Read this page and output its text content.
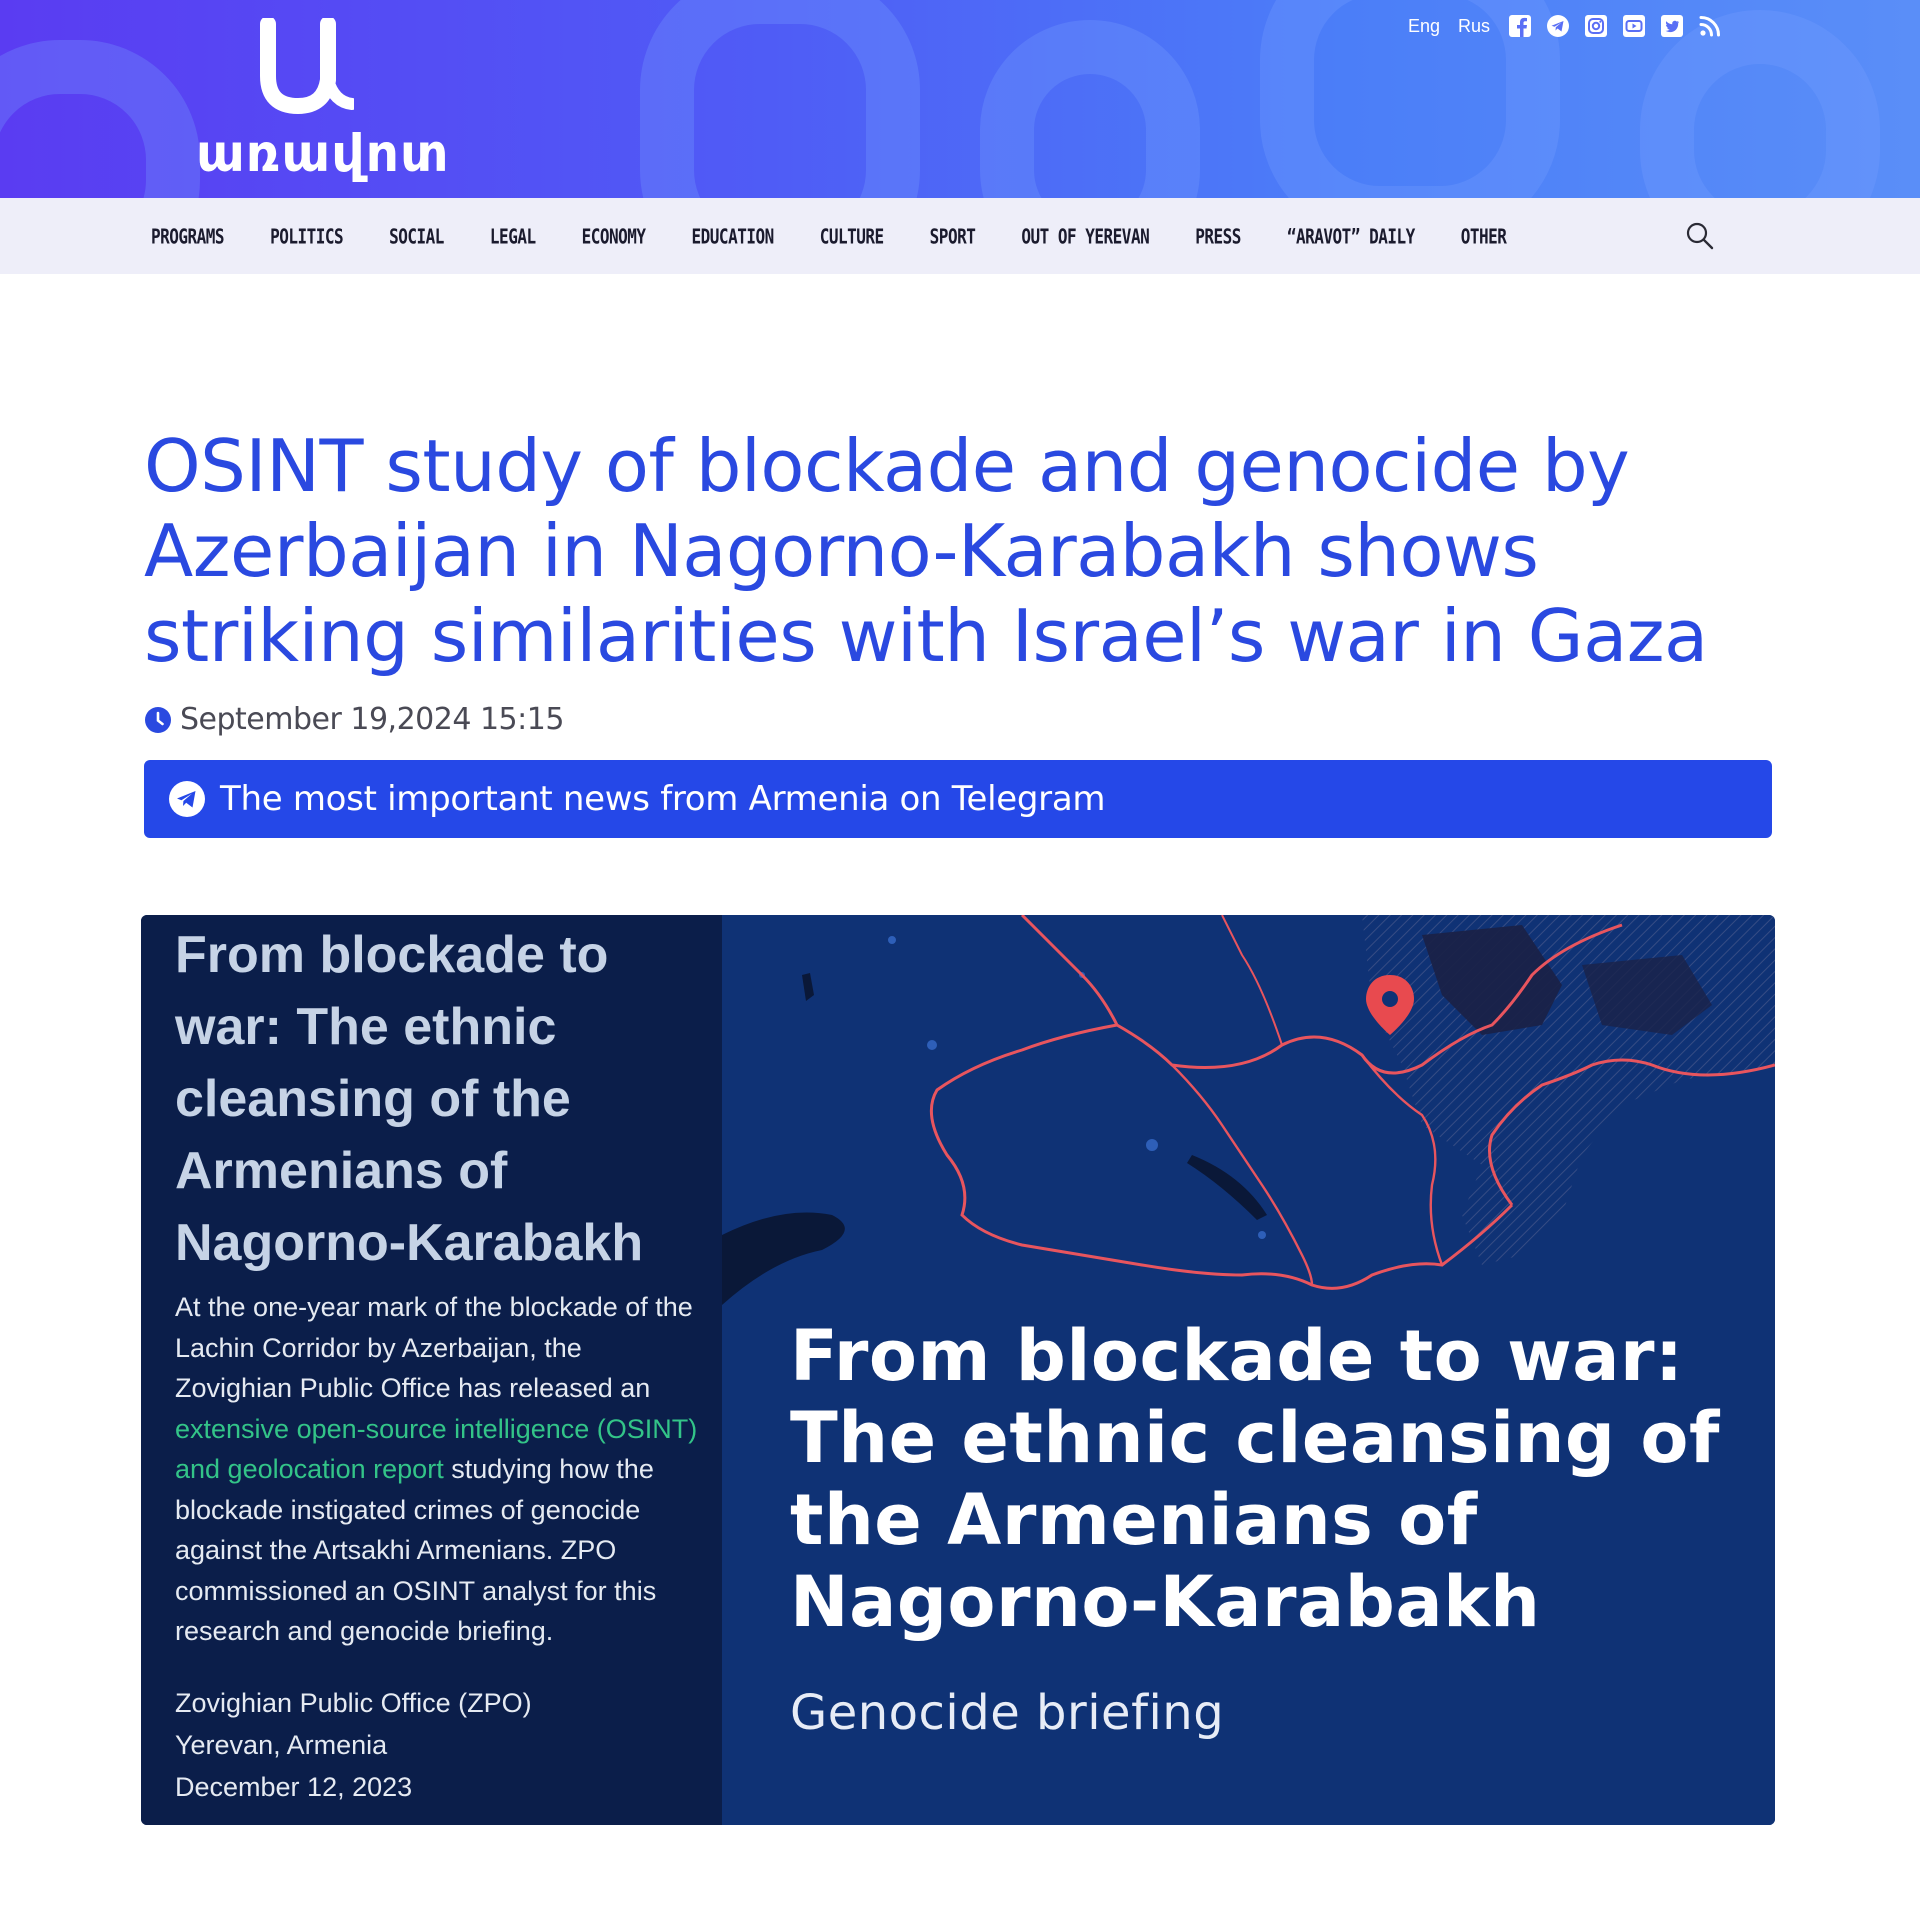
առավոտ
Eng Rus
PROGRAMS	POLITICS	SOCIAL	LEGAL	ECONOMY	EDUCATION	CULTURE	SPORT	OUT OF YEREVAN	PRESS	“ARAVOT” DAILY	OTHER
OSINT study of blockade and genocide by Azerbaijan in Nagorno-Karabakh shows striking similarities with Israel’s war in Gaza
September 19,2024 15:15
The most important news from Armenia on Telegram
From blockade to war: The ethnic cleansing of the Armenians of Nagorno-Karabakh
At the one-year mark of the blockade of the Lachin Corridor by Azerbaijan, the Zovighian Public Office has released an extensive open-source intelligence (OSINT) and geolocation report studying how the blockade instigated crimes of genocide against the Artsakhi Armenians. ZPO commissioned an OSINT analyst for this research and genocide briefing.
Zovighian Public Office (ZPO)
Yerevan, Armenia
December 12, 2023
From blockade to war: The ethnic cleansing of the Armenians of Nagorno-Karabakh
Genocide briefing
